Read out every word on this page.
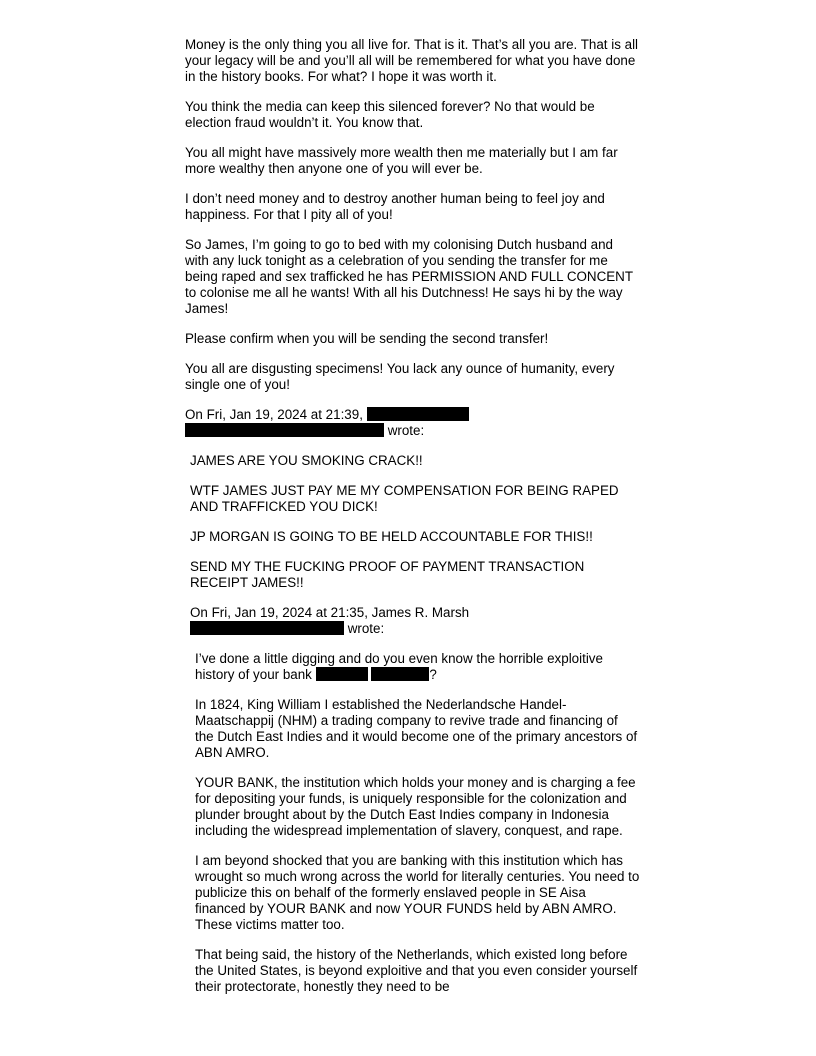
Money is the only thing you all live for. That is it. That’s all you are. That is all your legacy will be and you’ll all will be remembered for what you have done in the history books. For what? I hope it was worth it.

You think the media can keep this silenced forever? No that would be election fraud wouldn’t it. You know that.

You all might have massively more wealth then me materially but I am far more wealthy then anyone one of you will ever be.

I don’t need money and to destroy another human being to feel joy and happiness. For that I pity all of you!

So James, I’m going to go to bed with my colonising Dutch husband and with any luck tonight as a celebration of you sending the transfer for me being raped and sex trafficked he has PERMISSION AND FULL CONCENT to colonise me all he wants! With all his Dutchness! He says hi by the way James!

Please confirm when you will be sending the second transfer!

You all are disgusting specimens! You lack any ounce of humanity, every single one of you!

On Fri, Jan 19, 2024 at 21:39,
wrote:

JAMES ARE YOU SMOKING CRACK!!

WTF JAMES JUST PAY ME MY COMPENSATION FOR BEING RAPED AND TRAFFICKED YOU DICK!

JP MORGAN IS GOING TO BE HELD ACCOUNTABLE FOR THIS!!

SEND MY THE FUCKING PROOF OF PAYMENT TRANSACTION RECEIPT JAMES!!

On Fri, Jan 19, 2024 at 21:35, James R. Marsh
wrote:

I’ve done a little digging and do you even know the horrible exploitive history of your bank	?

In 1824, King William I established the Nederlandsche Handel-Maatschappij (NHM) a trading company to revive trade and financing of the Dutch East Indies and it would become one of the primary ancestors of ABN AMRO.

YOUR BANK, the institution which holds your money and is charging a fee for depositing your funds, is uniquely responsible for the colonization and plunder brought about by the Dutch East Indies company in Indonesia including the widespread implementation of slavery, conquest, and rape.

I am beyond shocked that you are banking with this institution which has wrought so much wrong across the world for literally centuries. You need to publicize this on behalf of the formerly enslaved people in SE Aisa financed by YOUR BANK and now YOUR FUNDS held by ABN AMRO. These victims matter too.

That being said, the history of the Netherlands, which existed long before the United States, is beyond exploitive and that you even consider yourself their protectorate, honestly they need to be
